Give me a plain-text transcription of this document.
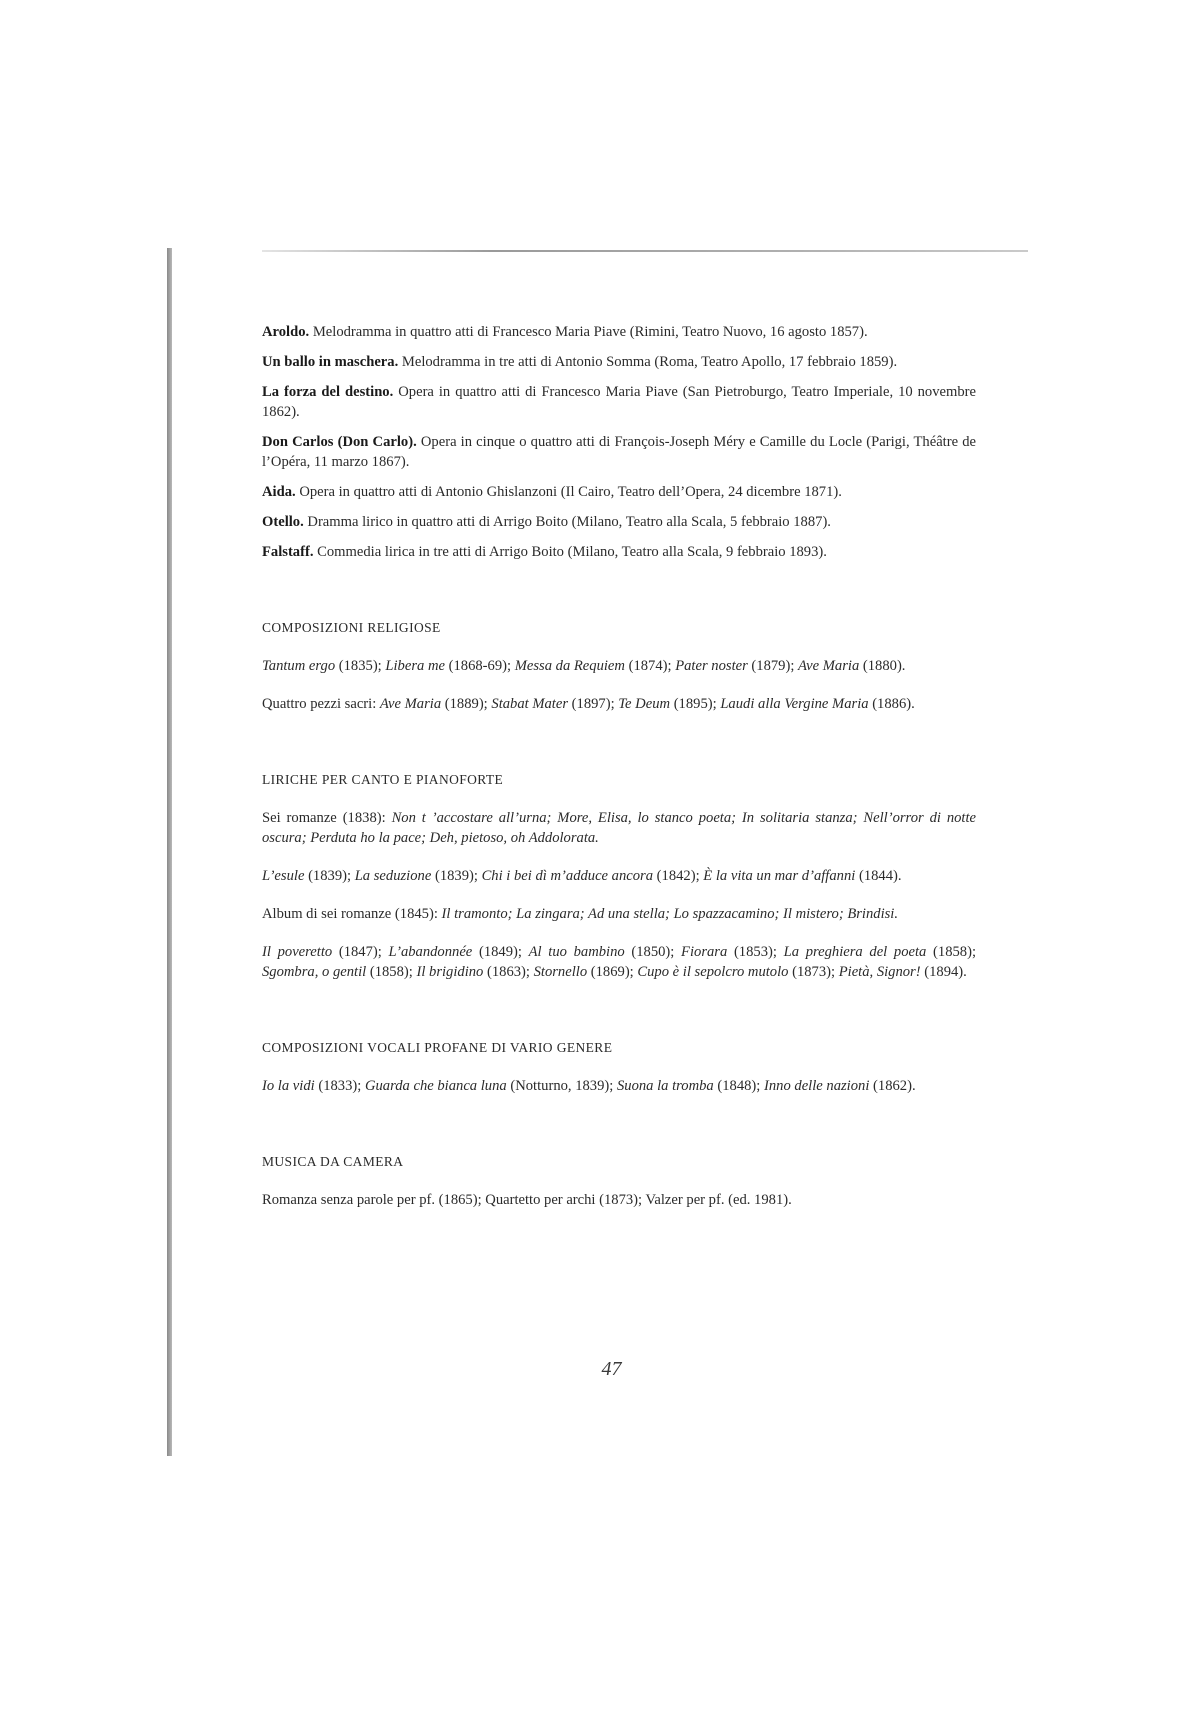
Aroldo. Melodramma in quattro atti di Francesco Maria Piave (Rimini, Teatro Nuovo, 16 agosto 1857).

Un ballo in maschera. Melodramma in tre atti di Antonio Somma (Roma, Teatro Apollo, 17 febbraio 1859).

La forza del destino. Opera in quattro atti di Francesco Maria Piave (San Pietroburgo, Teatro Imperiale, 10 novembre 1862).

Don Carlos (Don Carlo). Opera in cinque o quattro atti di François-Joseph Méry e Camille du Locle (Parigi, Théâtre de l’Opéra, 11 marzo 1867).

Aida. Opera in quattro atti di Antonio Ghislanzoni (Il Cairo, Teatro dell’Opera, 24 dicembre 1871).

Otello. Dramma lirico in quattro atti di Arrigo Boito (Milano, Teatro alla Scala, 5 febbraio 1887).

Falstaff. Commedia lirica in tre atti di Arrigo Boito (Milano, Teatro alla Scala, 9 febbraio 1893).

COMPOSIZIONI RELIGIOSE

Tantum ergo (1835); Libera me (1868-69); Messa da Requiem (1874); Pater noster (1879); Ave Maria (1880).

Quattro pezzi sacri: Ave Maria (1889); Stabat Mater (1897); Te Deum (1895); Laudi alla Vergine Maria (1886).

LIRICHE PER CANTO E PIANOFORTE

Sei romanze (1838): Non t ’accostare all’urna; More, Elisa, lo stanco poeta; In solitaria stanza; Nell’orror di notte oscura; Perduta ho la pace; Deh, pietoso, oh Addolorata.

L’esule (1839); La seduzione (1839); Chi i bei dì m’adduce ancora (1842); È la vita un mar d’affanni (1844).

Album di sei romanze (1845): Il tramonto; La zingara; Ad una stella; Lo spazzacamino; Il mistero; Brindisi.

Il poveretto (1847); L’abandonnée (1849); Al tuo bambino (1850); Fiorara (1853); La preghiera del poeta (1858); Sgombra, o gentil (1858); Il brigidino (1863); Stornello (1869); Cupo è il sepolcro mutolo (1873); Pietà, Signor! (1894).

COMPOSIZIONI VOCALI PROFANE DI VARIO GENERE

Io la vidi (1833); Guarda che bianca luna (Notturno, 1839); Suona la tromba (1848); Inno delle nazioni (1862).

MUSICA DA CAMERA

Romanza senza parole per pf. (1865); Quartetto per archi (1873); Valzer per pf. (ed. 1981).

47
